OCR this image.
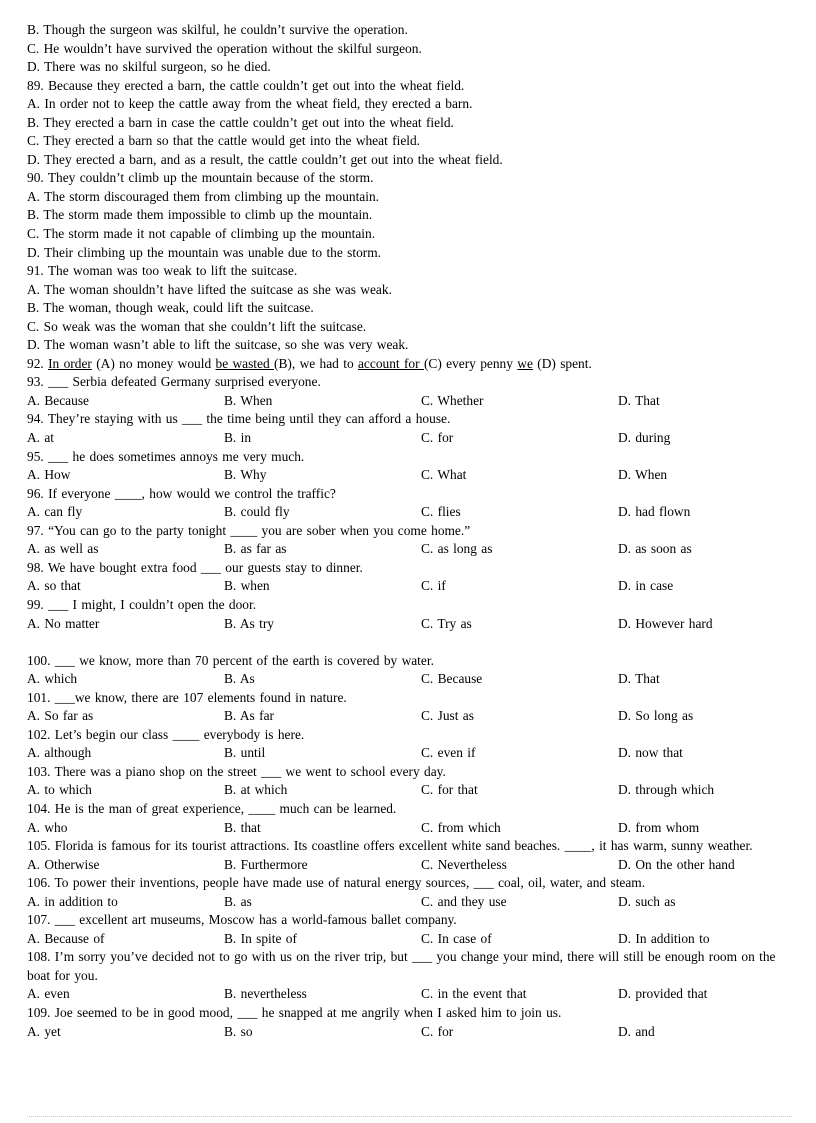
B. Though the surgeon was skilful, he couldn’t survive the operation.
C. He wouldn’t have survived the operation without the skilful surgeon.
D. There was no skilful surgeon, so he died.
89. Because they erected a barn, the cattle couldn’t get out into the wheat field.
A. In order not to keep the cattle away from the wheat field, they erected a barn.
B. They erected a barn in case the cattle couldn’t get out into the wheat field.
C. They erected a barn so that the cattle would get into the wheat field.
D. They erected a barn, and as a result, the cattle couldn’t get out into the wheat field.
90. They couldn’t climb up the mountain because of the storm.
A. The storm discouraged them from climbing up the mountain.
B. The storm made them impossible to climb up the mountain.
C. The storm made it not capable of climbing up the mountain.
D. Their climbing up the mountain was unable due to the storm.
91. The woman was too weak to lift the suitcase.
A. The woman shouldn’t have lifted the suitcase as she was weak.
B. The woman, though weak, could lift the suitcase.
C. So weak was the woman that she couldn’t lift the suitcase.
D. The woman wasn’t able to lift the suitcase, so she was very weak.
92. In order (A) no money would be wasted (B), we had to account for (C) every penny we (D) spent.
93. ___ Serbia defeated Germany surprised everyone.
A. Because	B. When	C. Whether	D. That
94. They’re staying with us ___ the time being until they can afford a house.
A. at	B. in	C. for	D. during
95. ___ he does sometimes annoys me very much.
A. How	B. Why	C. What	D. When
96. If everyone ____, how would we control the traffic?
A. can fly	B. could fly	C. flies	D. had flown
97. “You can go to the party tonight ____ you are sober when you come home.”
A. as well as	B. as far as	C. as long as	D. as soon as
98. We have bought extra food ___ our guests stay to dinner.
A. so that	B. when	C. if	D. in case
99. ___ I might, I couldn’t open the door.
A. No matter	B. As try	C. Try as	D. However hard
100. ___ we know, more than 70 percent of the earth is covered by water.
A. which	B. As	C. Because	D. That
101. ___we know, there are 107 elements found in nature.
A. So far as	B. As far	C. Just as	D. So long as
102. Let’s begin our class ____ everybody is here.
A. although	B. until	C. even if	D. now that
103. There was a piano shop on the street ___ we went to school every day.
A. to which	B. at which	C. for that	D. through which
104. He is the man of great experience, ____ much can be learned.
A. who	B. that	C. from which	D. from whom
105. Florida is famous for its tourist attractions. Its coastline offers excellent white sand beaches. ____, it has warm, sunny weather.
A. Otherwise	B. Furthermore	C. Nevertheless	D. On the other hand
106. To power their inventions, people have made use of natural energy sources, ___ coal, oil, water, and steam.
A. in addition to	B. as	C. and they use	D. such as
107. ___ excellent art museums, Moscow has a world-famous ballet company.
A. Because of	B. In spite of	C. In case of	D. In addition to
108. I’m sorry you’ve decided not to go with us on the river trip, but ___ you change your mind, there will still be enough room on the boat for you.
A. even	B. nevertheless	C. in the event that	D. provided that
109. Joe seemed to be in good mood, ___ he snapped at me angrily when I asked him to join us.
A. yet	B. so	C. for	D. and
